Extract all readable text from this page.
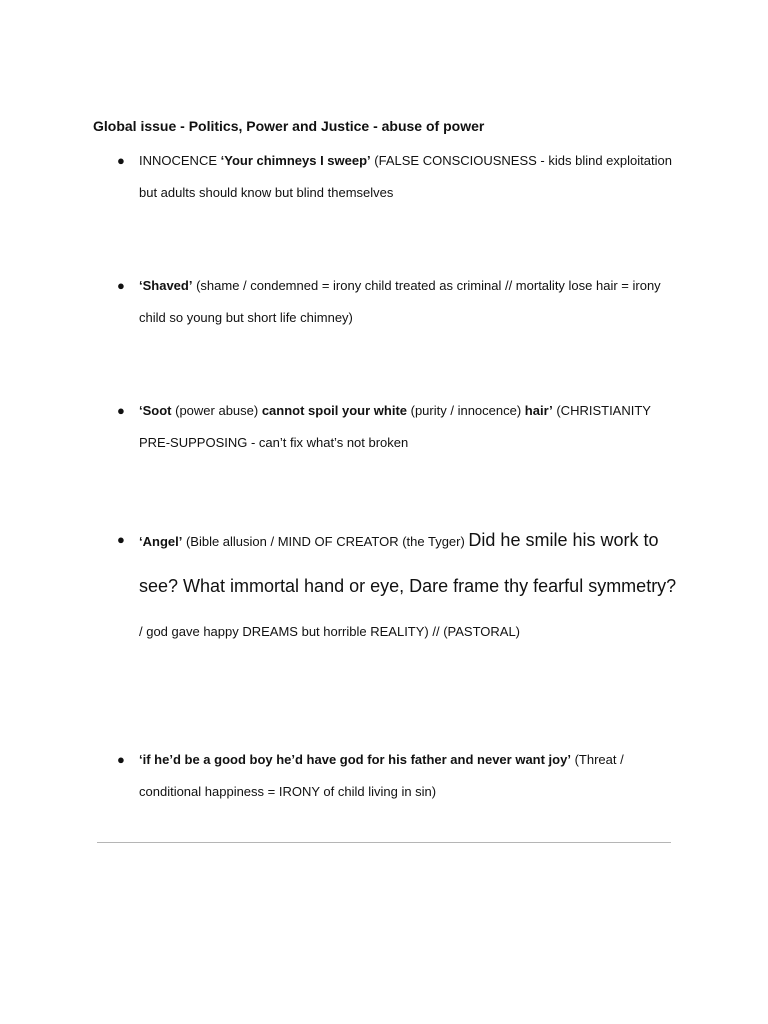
Global issue - Politics, Power and Justice - abuse of power
● INNOCENCE ‘Your chimneys I sweep’ (FALSE CONSCIOUSNESS - kids blind exploitation but adults should know but blind themselves
● ‘Shaved’ (shame / condemned = irony child treated as criminal // mortality lose hair = irony child so young but short life chimney)
● ‘Soot (power abuse) cannot spoil your white (purity / innocence) hair’ (CHRISTIANITY PRE-SUPPOSING - can’t fix what’s not broken
● ‘Angel’ (Bible allusion / MIND OF CREATOR (the Tyger) Did he smile his work to see? What immortal hand or eye, Dare frame thy fearful symmetry? / god gave happy DREAMS but horrible REALITY) // (PASTORAL)
● ‘if he’d be a good boy he’d have god for his father and never want joy’ (Threat / conditional happiness = IRONY of child living in sin)
